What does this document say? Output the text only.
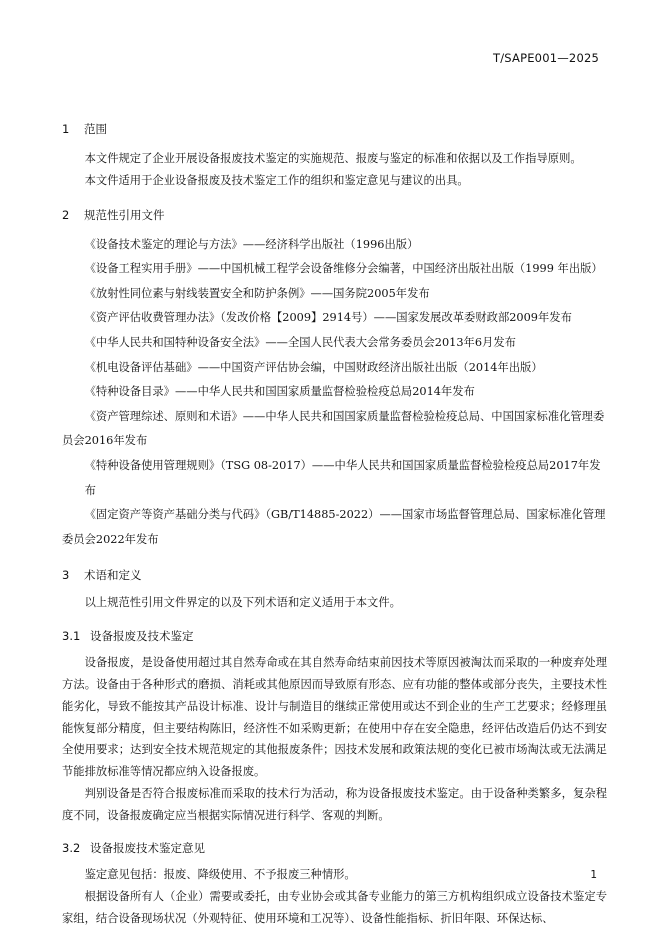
T/SAPE001—2025
1 范围

本文件规定了企业开展设备报废技术鉴定的实施规范、报废与鉴定的标准和依据以及工作指导原则。

本文件适用于企业设备报废及技术鉴定工作的组织和鉴定意见与建议的出具。

2 规范性引用文件

《设备技术鉴定的理论与方法》——经济科学出版社（1996出版）

《设备工程实用手册》——中国机械工程学会设备维修分会编著，中国经济出版社出版（1999 年出版）

《放射性同位素与射线装置安全和防护条例》——国务院2005年发布

《资产评估收费管理办法》（发改价格【2009】2914号）——国家发展改革委财政部2009年发布

《中华人民共和国特种设备安全法》——全国人民代表大会常务委员会2013年6月发布

《机电设备评估基础》——中国资产评估协会编，中国财政经济出版社出版（2014年出版）

《特种设备目录》——中华人民共和国国家质量监督检验检疫总局2014年发布

《资产管理综述、原则和术语》——中华人民共和国国家质量监督检验检疫总局、中国国家标准化管理委员会2016年发布

《特种设备使用管理规则》（TSG 08-2017）——中华人民共和国国家质量监督检验检疫总局2017年发布

《固定资产等资产基础分类与代码》（GB/T14885-2022）——国家市场监督管理总局、国家标准化管理委员会2022年发布

3 术语和定义

以上规范性引用文件界定的以及下列术语和定义适用于本文件。

3.1 设备报废及技术鉴定

设备报废，是设备使用超过其自然寿命或在其自然寿命结束前因技术等原因被淘汰而采取的一种废弃处理方法。设备由于各种形式的磨损、消耗或其他原因而导致原有形态、应有功能的整体或部分丧失，主要技术性能劣化，导致不能按其产品设计标准、设计与制造目的继续正常使用或达不到企业的生产工艺要求；经修理虽能恢复部分精度，但主要结构陈旧，经济性不如采购更新；在使用中存在安全隐患，经评估改造后仍达不到安全使用要求；达到安全技术规范规定的其他报废条件；因技术发展和政策法规的变化已被市场淘汰或无法满足节能排放标准等情况都应纳入设备报废。

判别设备是否符合报废标准而采取的技术行为活动，称为设备报废技术鉴定。由于设备种类繁多，复杂程度不同，设备报废确定应当根据实际情况进行科学、客观的判断。

3.2 设备报废技术鉴定意见

鉴定意见包括：报废、降级使用、不予报废三种情形。

根据设备所有人（企业）需要或委托，由专业协会或其备专业能力的第三方机构组织成立设备技术鉴定专家组，结合设备现场状况（外观特征、使用环境和工况等）、设备性能指标、折旧年限、环保达标、

1
